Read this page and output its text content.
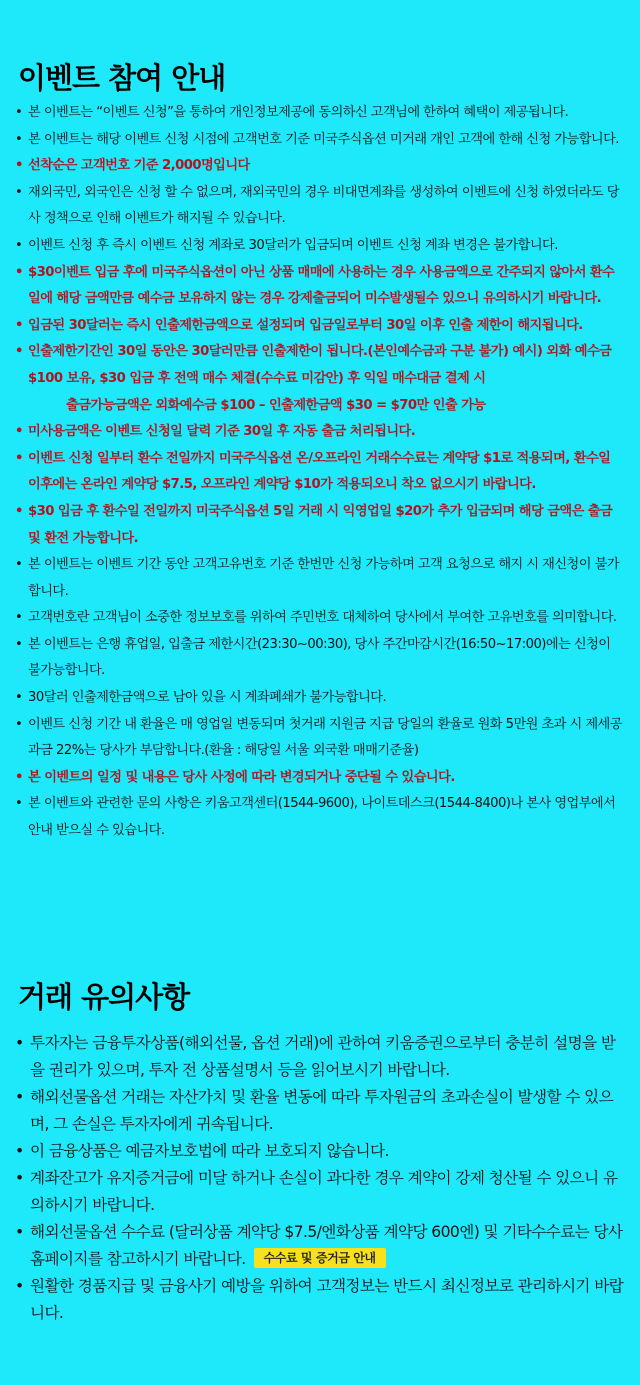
이벤트 참여 안내
• 본 이벤트는 “이벤트 신청”을 통하여 개인정보제공에 동의하신 고객님에 한하여 혜택이 제공됩니다.
• 본 이벤트는 해당 이벤트 신청 시점에 고객번호 기준 미국주식옵션 미거래 개인 고객에 한해 신청 가능합니다.
• 선착순은 고객번호 기준 2,000명입니다
• 재외국민, 외국인은 신청 할 수 없으며, 재외국민의 경우 비대면계좌를 생성하여 이벤트에 신청 하였더라도 당사 정책으로 인해 이벤트가 해지될 수 있습니다.
• 이벤트 신청 후 즉시 이벤트 신청 계좌로 30달러가 입금되며 이벤트 신청 계좌 변경은 불가합니다.
• $30이벤트 입금 후에 미국주식옵션이 아닌 상품 매매에 사용하는 경우 사용금액으로 간주되지 않아서 환수일에 해당 금액만큼 예수금 보유하지 않는 경우 강제출금되어 미수발생될수 있으니 유의하시기 바랍니다.
• 입금된 30달러는 즉시 인출제한금액으로 설정되며 입금일로부터 30일 이후 인출 제한이 해지됩니다.
• 인출제한기간인 30일 동안은 30달러만큼 인출제한이 됩니다.(본인예수금과 구분 불가) 예시) 외화 예수금 $100 보유, $30 입금 후 전액 매수 체결(수수료 미감안) 후 익일 매수대금 결제 시
출금가능금액은 외화예수금 $100 – 인출제한금액 $30 = $70만 인출 가능
• 미사용금액은 이벤트 신청일 달력 기준 30일 후 자동 출금 처리됩니다.
• 이벤트 신청 일부터 환수 전일까지 미국주식옵션 온/오프라인 거래수수료는 계약당 $1로 적용되며, 환수일 이후에는 온라인 계약당 $7.5, 오프라인 계약당 $10가 적용되오니 착오 없으시기 바랍니다.
• $30 입금 후 환수일 전일까지 미국주식옵션 5일 거래 시 익영업일 $20가 추가 입금되며 해당 금액은 출금 및 환전 가능합니다.
• 본 이벤트는 이벤트 기간 동안 고객고유번호 기준 한번만 신청 가능하며 고객 요청으로 해지 시 재신청이 불가합니다.
• 고객번호란 고객님이 소중한 정보보호를 위하여 주민번호 대체하여 당사에서 부여한 고유번호를 의미합니다.
• 본 이벤트는 은행 휴업일, 입출금 제한시간(23:30~00:30), 당사 주간마감시간(16:50~17:00)에는 신청이 불가능합니다.
• 30달러 인출제한금액으로 남아 있을 시 계좌폐쇄가 불가능합니다.
• 이벤트 신청 기간 내 환율은 매 영업일 변동되며 첫거래 지원금 지급 당일의 환율로 원화 5만원 초과 시 제세공과금 22%는 당사가 부담합니다.(환율 : 해당일 서울 외국환 매매기준율)
• 본 이벤트의 일정 및 내용은 당사 사정에 따라 변경되거나 중단될 수 있습니다.
• 본 이벤트와 관련한 문의 사항은 키움고객센터(1544-9600), 나이트데스크(1544-8400)나 본사 영업부에서 안내 받으실 수 있습니다.
거래 유의사항
• 투자자는 금융투자상품(해외선물, 옵션 거래)에 관하여 키움증권으로부터 충분히 설명을 받을 권리가 있으며, 투자 전 상품설명서 등을 읽어보시기 바랍니다.
• 해외선물옵션 거래는 자산가치 및 환율 변동에 따라 투자원금의 초과손실이 발생할 수 있으며, 그 손실은 투자자에게 귀속됩니다.
• 이 금융상품은 예금자보호법에 따라 보호되지 않습니다.
• 계좌잔고가 유지증거금에 미달 하거나 손실이 과다한 경우 계약이 강제 청산될 수 있으니 유의하시기 바랍니다.
• 해외선물옵션 수수료 (달러상품 계약당 $7.5/엔화상품 계약당 600엔) 및 기타수수료는 당사 홈페이지를 참고하시기 바랍니다. 수수료 및 증거금 안내
• 원활한 경품지급 및 금융사기 예방을 위하여 고객정보는 반드시 최신정보로 관리하시기 바랍니다.
